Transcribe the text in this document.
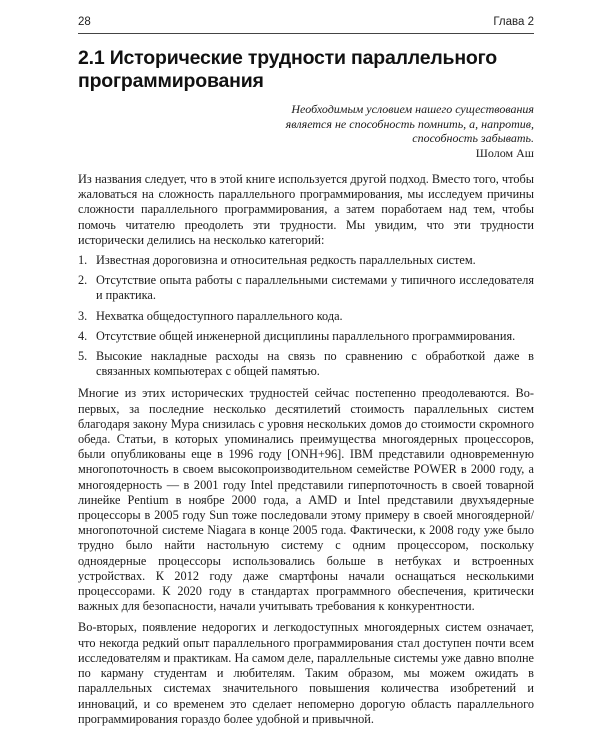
28	Глава 2
2.1 Исторические трудности параллельного программирования
Необходимым условием нашего существования
является не способность помнить, а, напротив,
способность забывать.
Шолом Аш

Из названия следует, что в этой книге используется другой подход. Вместо того, чтобы жаловаться на сложность параллельного программирования, мы исследуем причины сложности параллельного программирования, а затем поработаем над тем, чтобы помочь читателю преодолеть эти трудности. Мы увидим, что эти трудности исторически делились на несколько категорий:

1. Известная дороговизна и относительная редкость параллельных систем.
2. Отсутствие опыта работы с параллельными системами у типичного исследователя и практика.
3. Нехватка общедоступного параллельного кода.
4. Отсутствие общей инженерной дисциплины параллельного программирования.
5. Высокие накладные расходы на связь по сравнению с обработкой даже в связанных компьютерах с общей памятью.

Многие из этих исторических трудностей сейчас постепенно преодолеваются. Во-первых, за последние несколько десятилетий стоимость параллельных систем благодаря закону Мура снизилась с уровня нескольких домов до стоимости скромного обеда. Статьи, в которых упоминались преимущества многоядерных процессоров, были опубликованы еще в 1996 году [ONH+96]. IBM представили одновременную многопоточность в своем высокопроизводительном семействе POWER в 2000 году, а многоядерность — в 2001 году Intel представили гиперпоточность в своей товарной линейке Pentium в ноябре 2000 года, а AMD и Intel представили двухъядерные процессоры в 2005 году Sun тоже последовали этому примеру в своей многоядерной/многопоточной системе Niagara в конце 2005 года. Фактически, к 2008 году уже было трудно было найти настольную систему с одним процессором, поскольку одноядерные процессоры использовались больше в нетбуках и встроенных устройствах. К 2012 году даже смартфоны начали оснащаться несколькими процессорами. К 2020 году в стандартах программного обеспечения, критически важных для безопасности, начали учитывать требования к конкурентности.

Во-вторых, появление недорогих и легкодоступных многоядерных систем означает, что некогда редкий опыт параллельного программирования стал доступен почти всем исследователям и практикам. На самом деле, параллельные системы уже давно вполне по карману студентам и любителям. Таким образом, мы можем ожидать в параллельных системах значительного повышения количества изобретений и инноваций, и со временем это сделает непомерно дорогую область параллельного программирования гораздо более удобной и привычной.
